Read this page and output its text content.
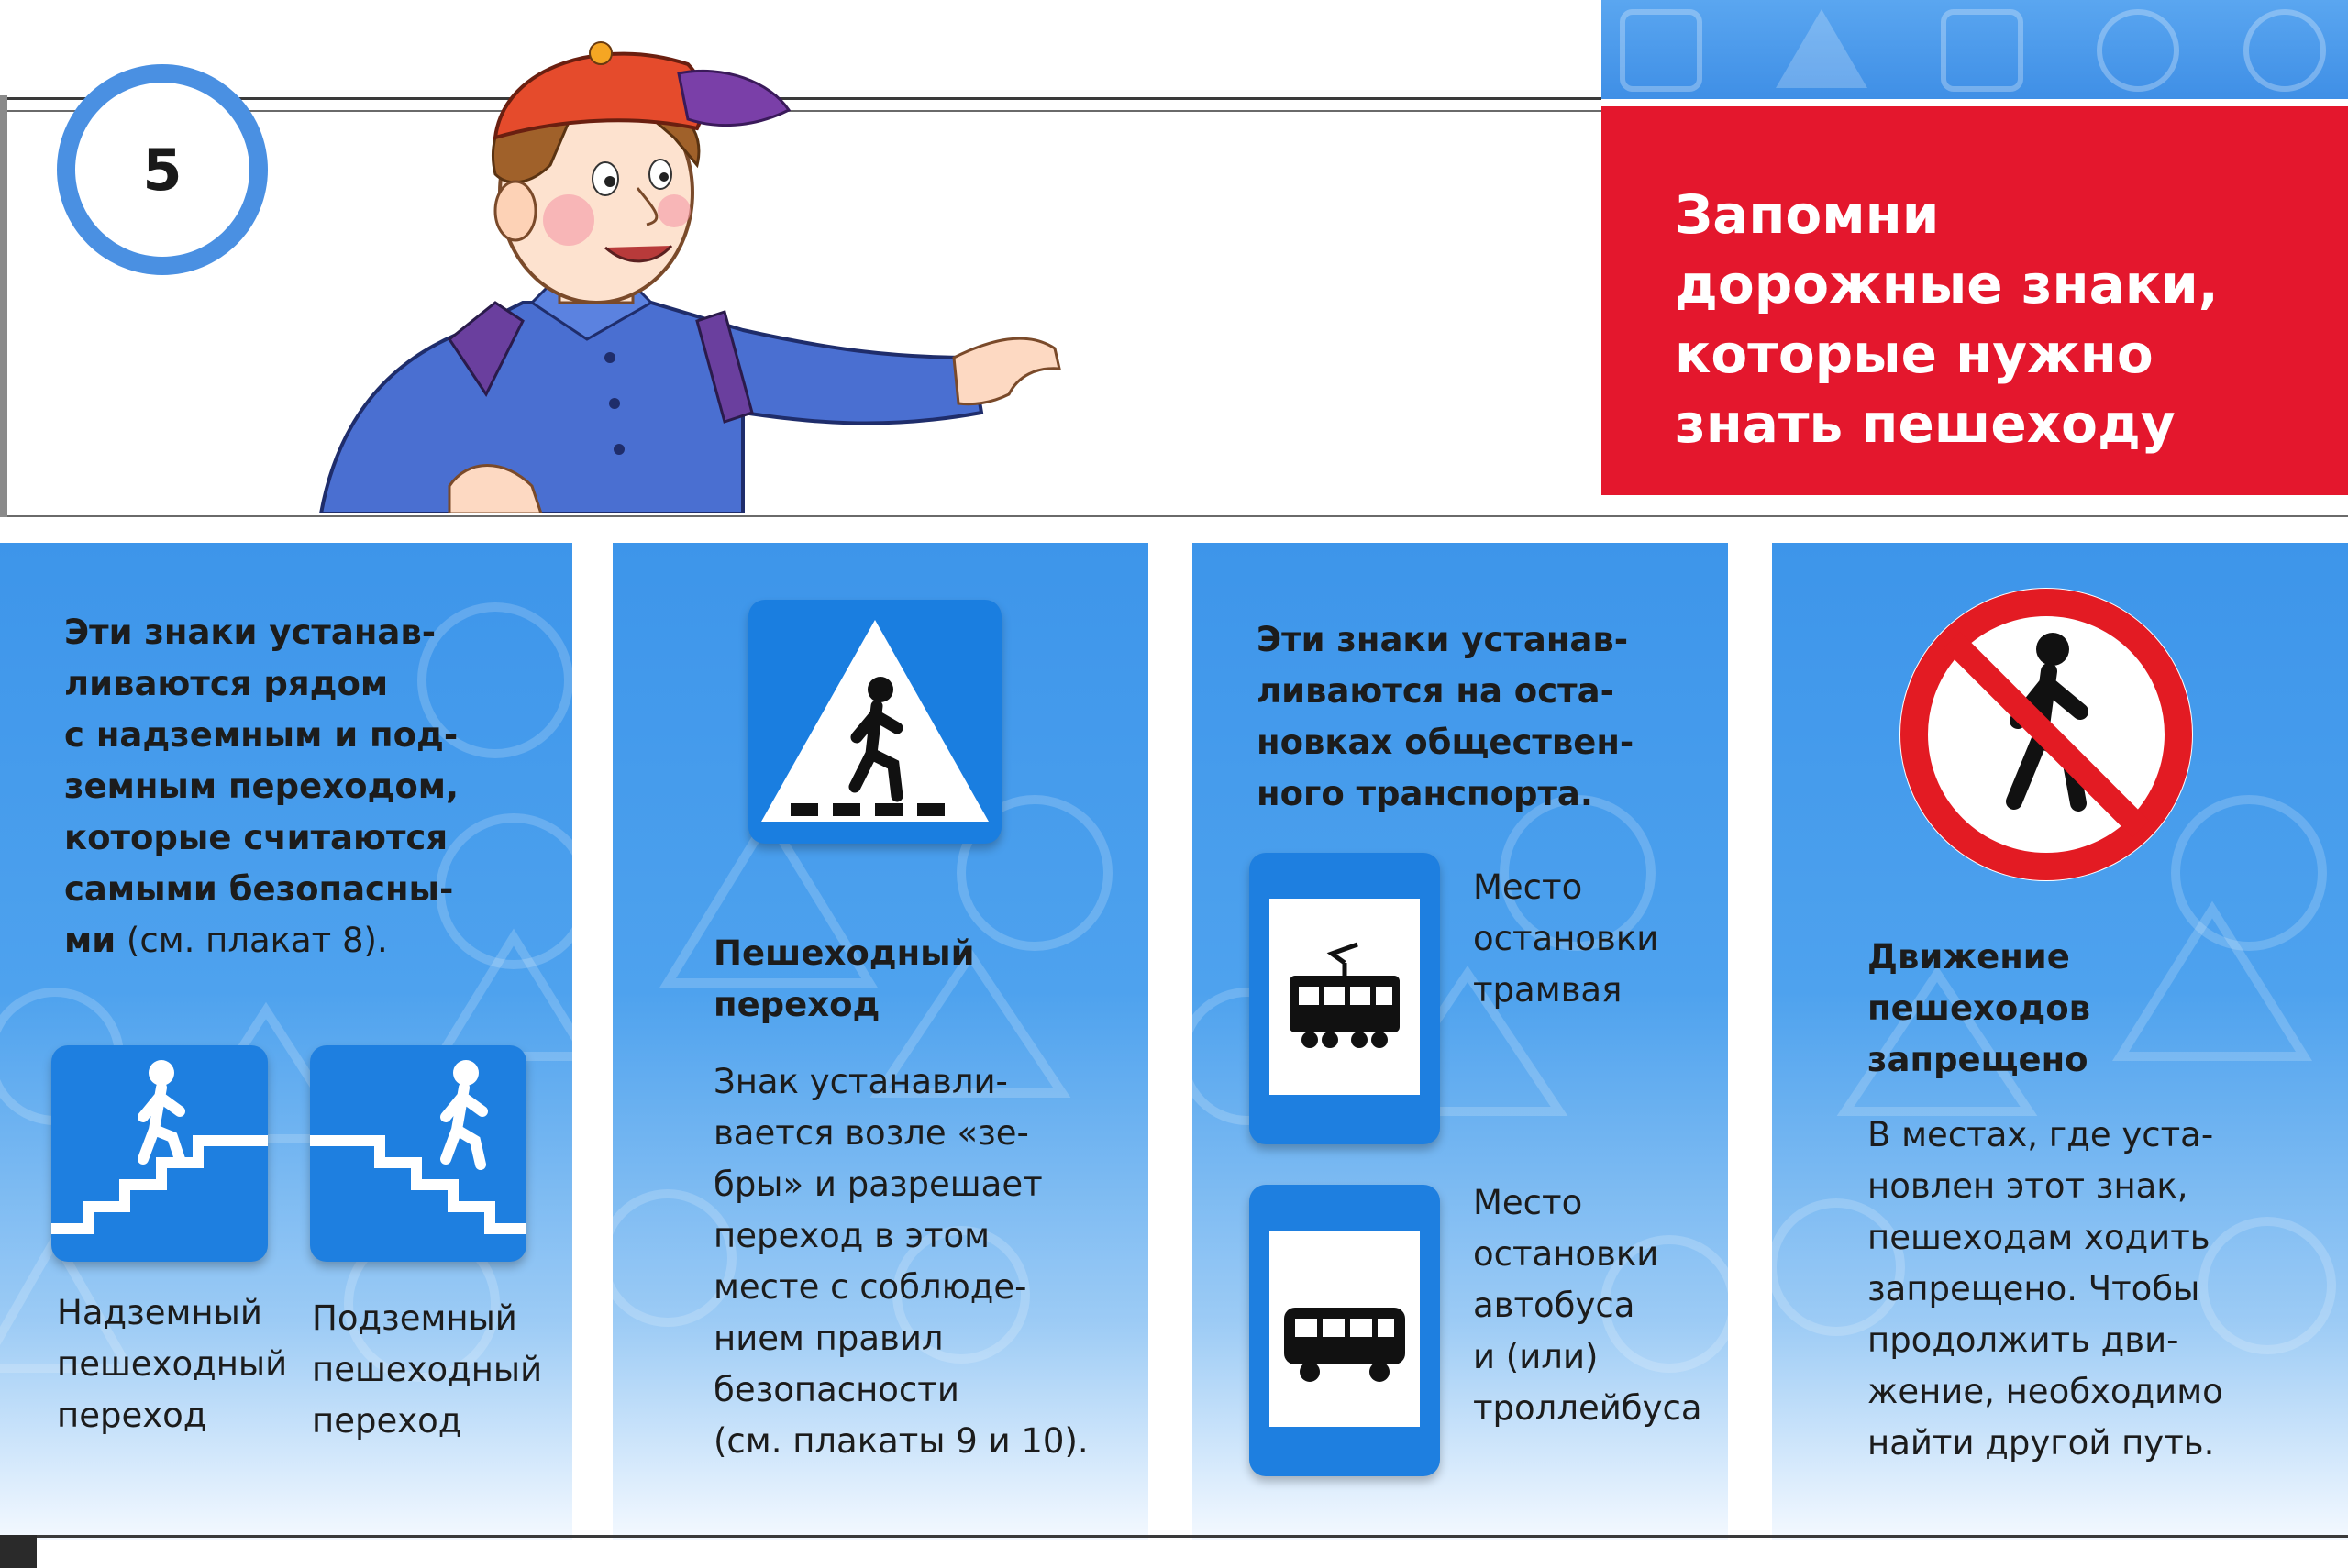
5
Запомни
дорожные знаки,
которые нужно
знать пешеходу
Эти знаки устанав-
ливаются рядом
с надземным и под-
земным переходом,
которые считаются
самыми безопасны-
ми (см. плакат 8).
Надземный
пешеходный
переход
Подземный
пешеходный
переход
Пешеходный
переход
Знак устанавли-
вается возле «зе-
бры» и разрешает
переход в этом
месте с соблюде-
нием правил
безопасности
(см. плакаты 9 и 10).
Эти знаки устанав-
ливаются на оста-
новках обществен-
ного транспорта.
Место
остановки
трамвая
Место
остановки
автобуса
и (или)
троллейбуса
Движение
пешеходов
запрещено
В местах, где уста-
новлен этот знак,
пешеходам ходить
запрещено. Чтобы
продолжить дви-
жение, необходимо
найти другой путь.
